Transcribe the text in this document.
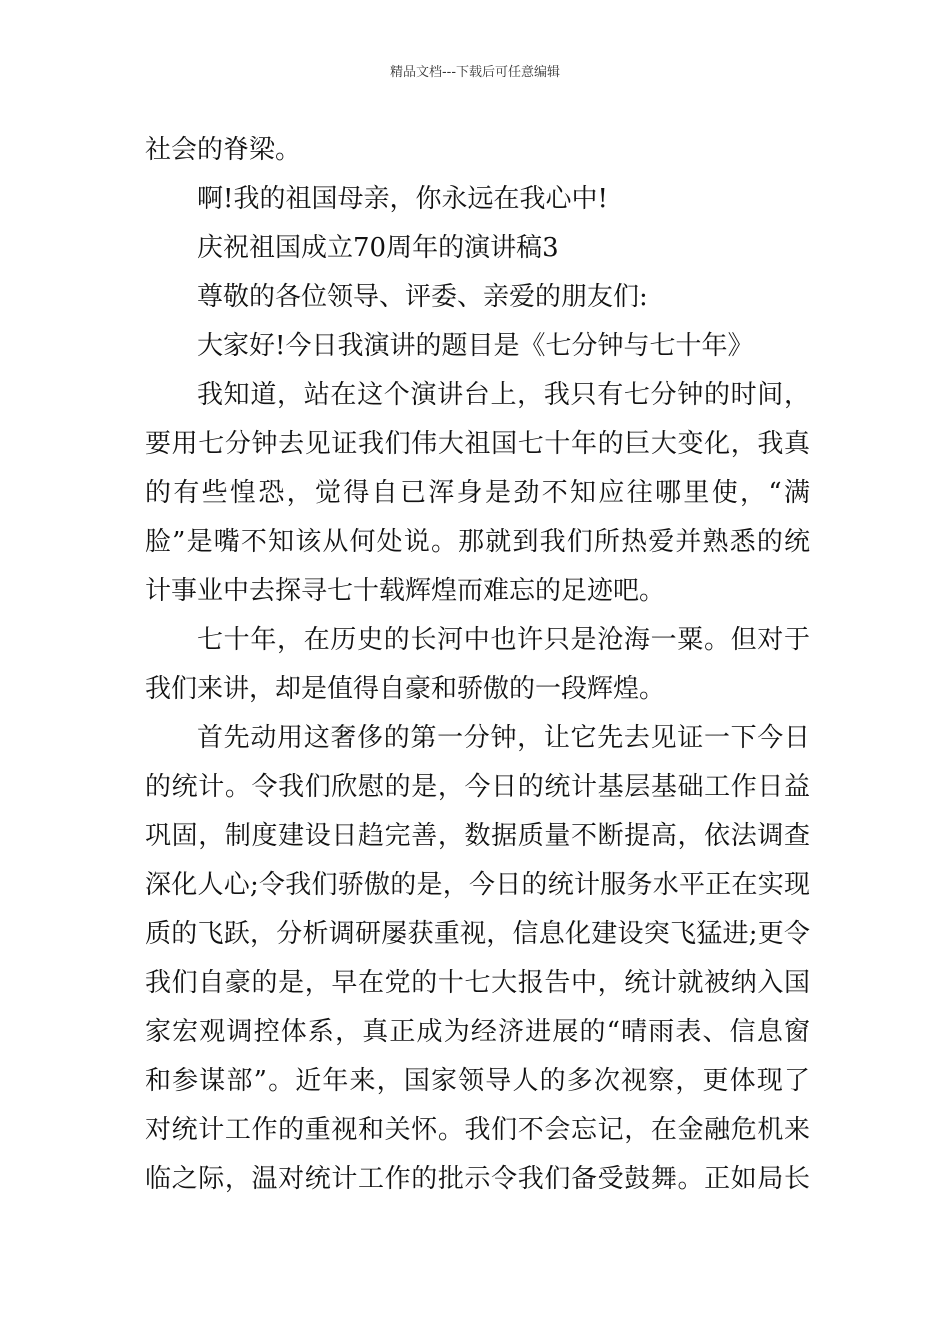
精品文档---下载后可任意编辑
社会的脊梁。
啊!我的祖国母亲，你永远在我心中!
庆祝祖国成立70周年的演讲稿3
尊敬的各位领导、评委、亲爱的朋友们:
大家好!今日我演讲的题目是《七分钟与七十年》
我知道，站在这个演讲台上，我只有七分钟的时间，
要用七分钟去见证我们伟大祖国七十年的巨大变化，我真
的有些惶恐，觉得自已浑身是劲不知应往哪里使，“满
脸”是嘴不知该从何处说。那就到我们所热爱并熟悉的统
计事业中去探寻七十载辉煌而难忘的足迹吧。
七十年，在历史的长河中也许只是沧海一粟。但对于
我们来讲，却是值得自豪和骄傲的一段辉煌。
首先动用这奢侈的第一分钟，让它先去见证一下今日
的统计。令我们欣慰的是，今日的统计基层基础工作日益
巩固，制度建设日趋完善，数据质量不断提高，依法调查
深化人心;令我们骄傲的是，今日的统计服务水平正在实现
质的飞跃，分析调研屡获重视，信息化建设突飞猛进;更令
我们自豪的是，早在党的十七大报告中，统计就被纳入国
家宏观调控体系，真正成为经济进展的“晴雨表、信息窗
和参谋部”。近年来，国家领导人的多次视察，更体现了
对统计工作的重视和关怀。我们不会忘记，在金融危机来
临之际，温对统计工作的批示令我们备受鼓舞。正如局长
